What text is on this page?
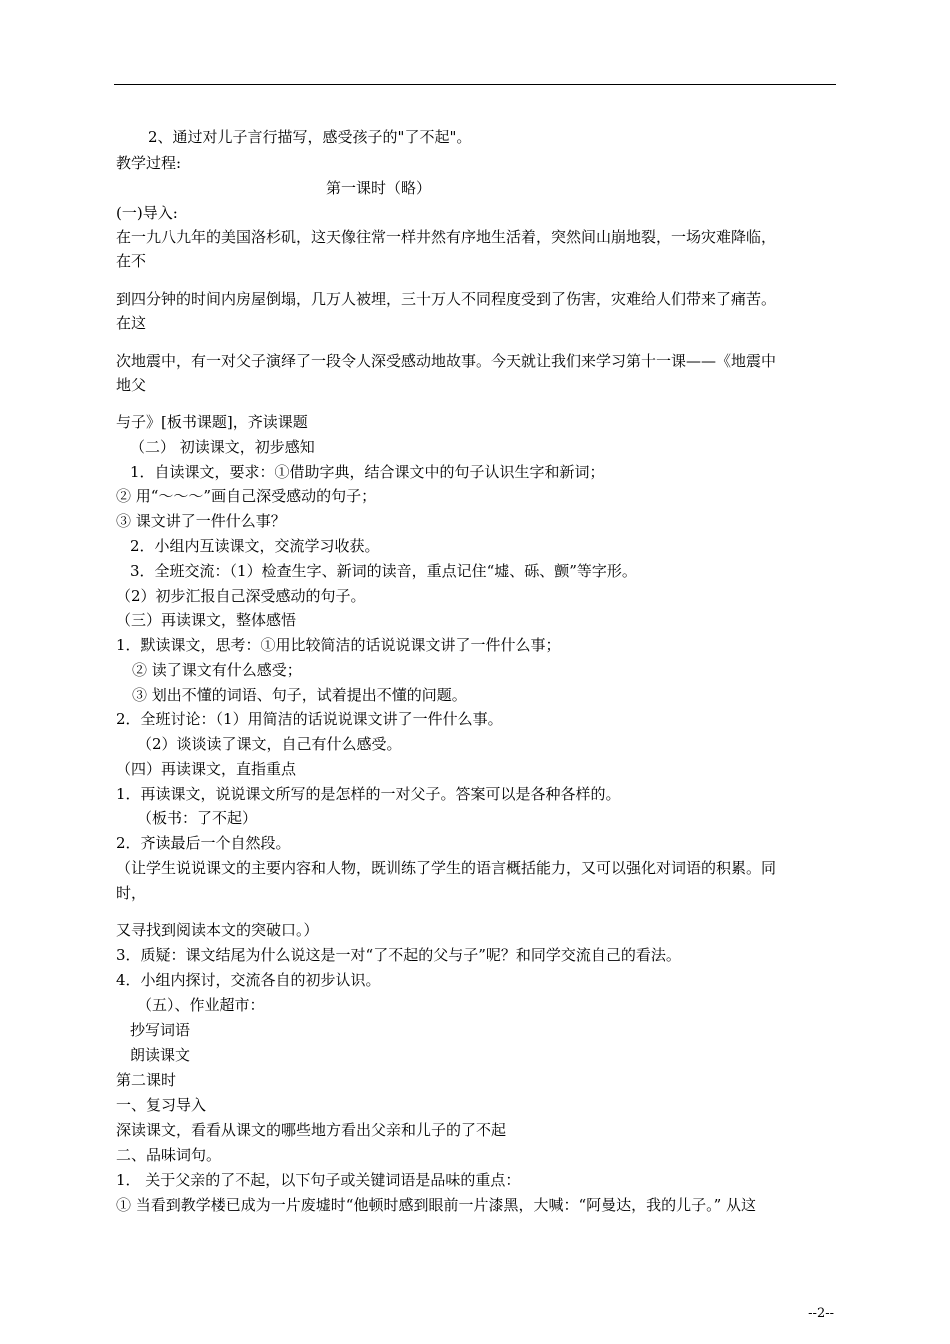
2、通过对儿子言行描写，感受孩子的"了不起"。
教学过程:
第一课时（略）
(一)导入:
在一九八九年的美国洛杉矶，这天像往常一样井然有序地生活着，突然间山崩地裂，一场灾难降临，
在不
到四分钟的时间内房屋倒塌，几万人被埋，三十万人不同程度受到了伤害，灾难给人们带来了痛苦。
在这
次地震中，有一对父子演绎了一段令人深受感动地故事。今天就让我们来学习第十一课——《地震中
地父
与子》[板书课题]，齐读课题
（二） 初读课文，初步感知
1．自读课文，要求：①借助字典，结合课文中的句子认识生字和新词；
② 用“～～～”画自己深受感动的句子；
③ 课文讲了一件什么事？
2．小组内互读课文，交流学习收获。
3．全班交流：（1）检查生字、新词的读音，重点记住“墟、砾、颤”等字形。
（2）初步汇报自己深受感动的句子。
（三）再读课文，整体感悟
1．默读课文，思考：①用比较简洁的话说说课文讲了一件什么事；
② 读了课文有什么感受；
③ 划出不懂的词语、句子，试着提出不懂的问题。
2．全班讨论：（1）用简洁的话说说课文讲了一件什么事。
（2）谈谈读了课文，自己有什么感受。
（四）再读课文，直指重点
1．再读课文，说说课文所写的是怎样的一对父子。答案可以是各种各样的。
（板书：了不起）
2．齐读最后一个自然段。
（让学生说说课文的主要内容和人物，既训练了学生的语言概括能力，又可以强化对词语的积累。同
时，
又寻找到阅读本文的突破口。）
3．质疑：课文结尾为什么说这是一对“了不起的父与子”呢？和同学交流自己的看法。
4．小组内探讨，交流各自的初步认识。
（五）、作业超市：
抄写词语
朗读课文
第二课时
一、复习导入
深读课文，看看从课文的哪些地方看出父亲和儿子的了不起
二、品味词句。
1． 关于父亲的了不起，以下句子或关键词语是品味的重点：
① 当看到教学楼已成为一片废墟时“他顿时感到眼前一片漆黑，大喊：“阿曼达，我的儿子。” 从这
--2--
